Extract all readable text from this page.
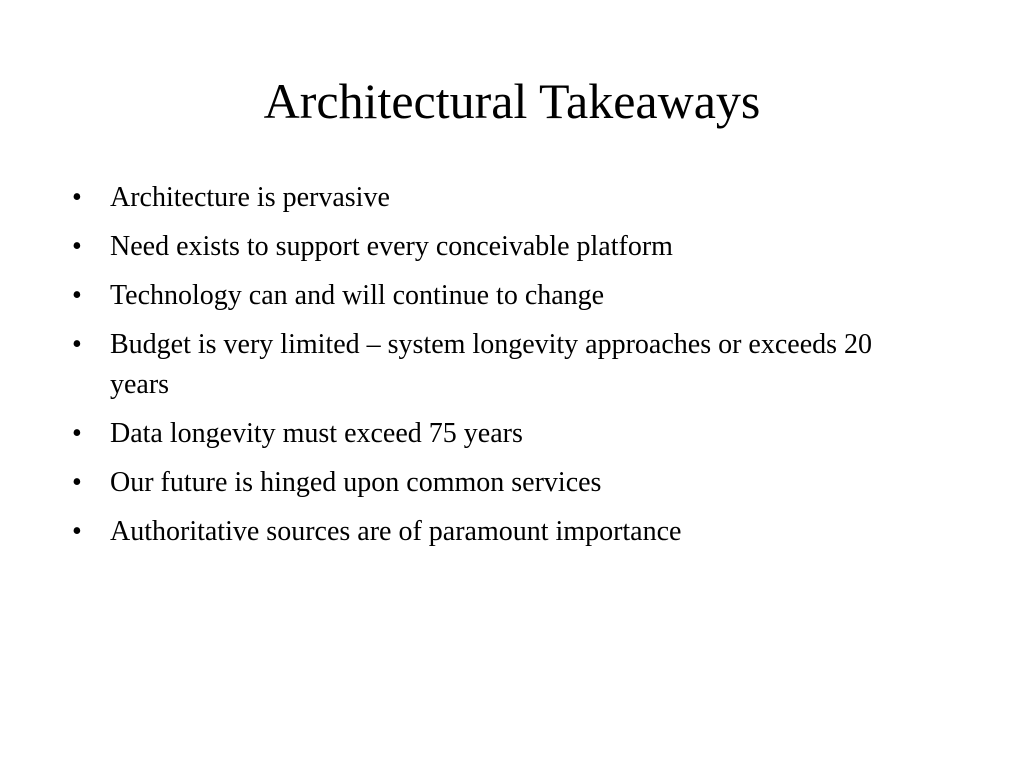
Architectural Takeaways
• Architecture is pervasive
• Need exists to support every conceivable platform
• Technology can and will continue to change
• Budget is very limited – system longevity approaches or exceeds 20 years
• Data longevity must exceed 75 years
• Our future is hinged upon common services
• Authoritative sources are of paramount importance
